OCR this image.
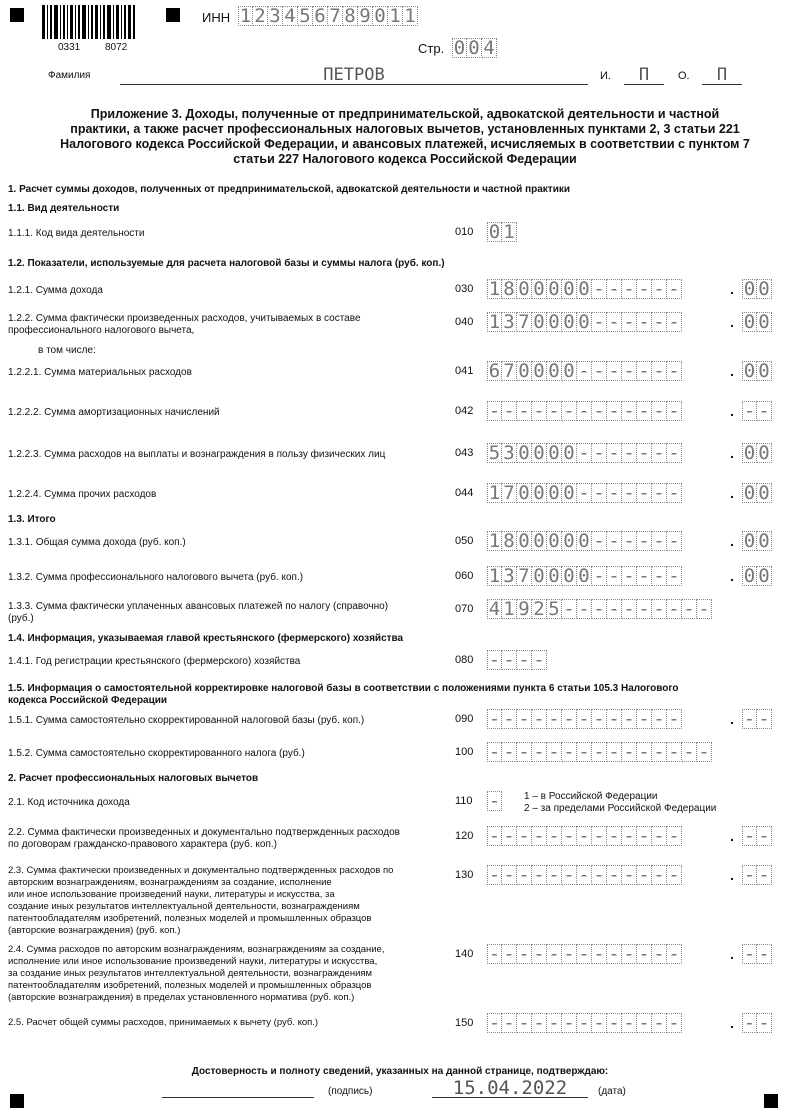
0331 8072
ИНН 1 2 3 4 5 6 7 8 9 0 1 1
Стр. 0 0 4
Фамилия	ПЕТРОВ	И.	П	О.	П
Приложение 3. Доходы, полученные от предпринимательской, адвокатской деятельности и частной практики, а также расчет профессиональных налоговых вычетов, установленных пунктами 2, 3 статьи 221 Налогового кодекса Российской Федерации, и авансовых платежей, исчисляемых в соответствии с пунктом 7 статьи 227 Налогового кодекса Российской Федерации
1. Расчет суммы доходов, полученных от предпринимательской, адвокатской деятельности и частной практики
1.1. Вид деятельности
1.2. Показатели, используемые для расчета налоговой базы и суммы налога (руб. коп.)
в том числе:
1.3. Итого
1.4. Информация, указываемая главой крестьянского (фермерского) хозяйства
1.5. Информация о самостоятельной корректировке налоговой базы в соответствии с положениями пункта 6 статьи 105.3 Налогового
кодекса Российской Федерации
2. Расчет профессиональных налоговых вычетов
1.1.1. Код вида деятельности	010 0 1
1.2.1. Сумма дохода	030 1 8 0 0 0 0 0 - - - - - -	. 0 0
1.2.2. Сумма фактически произведенных расходов, учитываемых в составе
профессионального налогового вычета,
040 1 3 7 0 0 0 0 - - - - - -	. 0 0
1.2.2.1. Сумма материальных расходов	041 6 7 0 0 0 0 - - - - - - -	. 0 0
1.2.2.2. Сумма амортизационных начислений	042 - - - - - - - - - - - - -	. - -
1.2.2.3. Сумма расходов на выплаты и вознаграждения в пользу физических лиц	043 5 3 0 0 0 0 - - - - - - -	. 0 0
1.2.2.4. Сумма прочих расходов	044 1 7 0 0 0 0 - - - - - - -	. 0 0
1.3.1. Общая сумма дохода (руб. коп.)	050 1 8 0 0 0 0 0 - - - - - -	. 0 0
1.3.2. Сумма профессионального налогового вычета (руб. коп.)	060 1 3 7 0 0 0 0 - - - - - -	. 0 0
1.3.3. Сумма фактически уплаченных авансовых платежей по налогу (справочно)
(руб.)
070 4 1 9 2 5 - - - - - - - - - -
1.4.1. Год регистрации крестьянского (фермерского) хозяйства	080 - - - -
1.5.1. Сумма самостоятельно скорректированной налоговой базы (руб. коп.)	090 - - - - - - - - - - - - -	. - -
1.5.2. Сумма самостоятельно скорректированного налога (руб.)	100 - - - - - - - - - - - - - - -
2.1. Код источника дохода	110 -
2.2. Сумма фактически произведенных и документально подтвержденных расходов
по договорам гражданско-правового характера (руб. коп.)
120 - - - - - - - - - - - - -	. - -
2.3. Сумма фактически произведенных и документально подтвержденных расходов по
авторским вознаграждениям, вознаграждениям за создание, исполнение
или иное использование произведений науки, литературы и искусства, за
создание иных результатов интеллектуальной деятельности, вознаграждениям
патентообладателям изобретений, полезных моделей и промышленных образцов
(авторские вознаграждения) (руб. коп.)
130 - - - - - - - - - - - - -	. - -
2.4. Сумма расходов по авторским вознаграждениям, вознаграждениям за создание,
исполнение или иное использование произведений науки, литературы и искусства,
за создание иных результатов интеллектуальной деятельности, вознаграждениям
патентообладателям изобретений, полезных моделей и промышленных образцов
(авторские вознаграждения) в пределах установленного норматива (руб. коп.)
140 - - - - - - - - - - - - -	. - -
2.5. Расчет общей суммы расходов, принимаемых к вычету (руб. коп.)	150 - - - - - - - - - - - - -	. - -
1 – в Российской Федерации
2 – за пределами Российской Федерации
Достоверность и полноту сведений, указанных на данной странице, подтверждаю:
(подпись)	15.04.2022	(дата)
